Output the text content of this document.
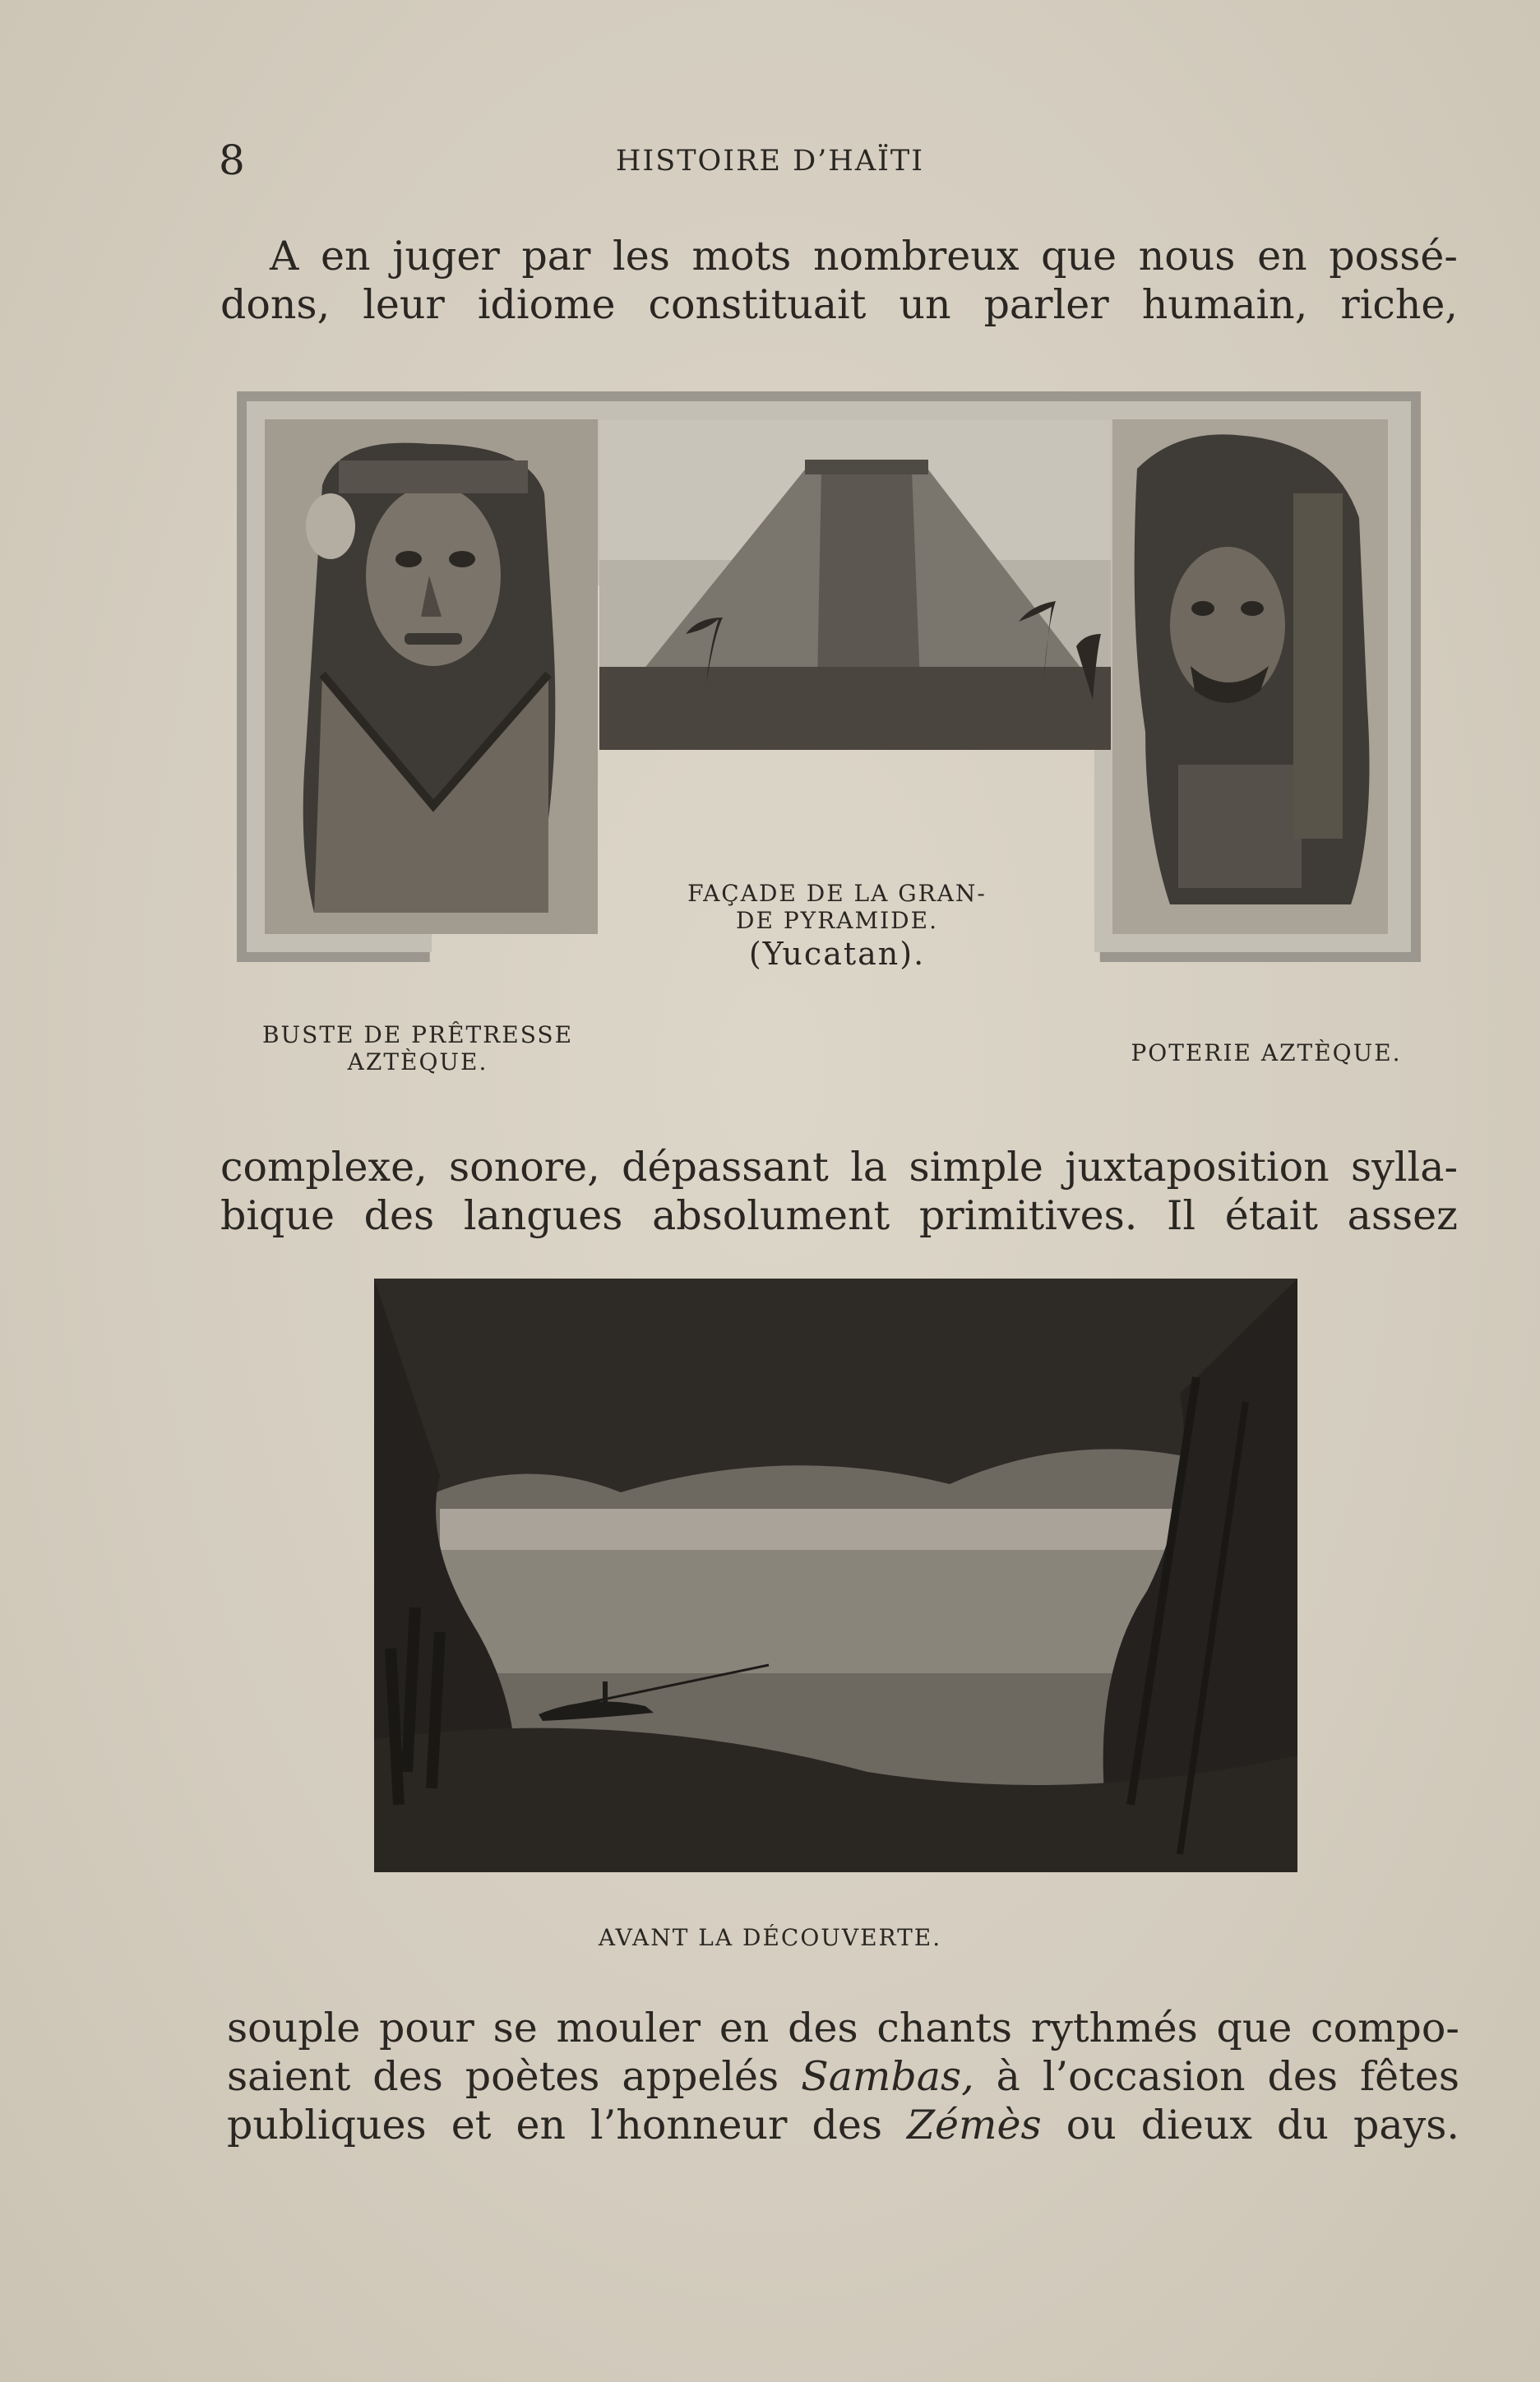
8	HISTOIRE D’HAÏTI
A en juger par les mots nombreux que nous en possé-
dons, leur idiome constituait un parler humain, riche,
FAÇADE DE LA GRAN-
DE PYRAMIDE.
(Yucatan).
BUSTE DE PRÊTRESSE
AZTÈQUE.	POTERIE AZTÈQUE.
complexe, sonore, dépassant la simple juxtaposition sylla-
bique des langues absolument primitives. Il était assez
AVANT LA DÉCOUVERTE.
souple pour se mouler en des chants rythmés que compo-
saient des poètes appelés Sambas, à l’occasion des fêtes
publiques et en l’honneur des Zémès ou dieux du pays.
